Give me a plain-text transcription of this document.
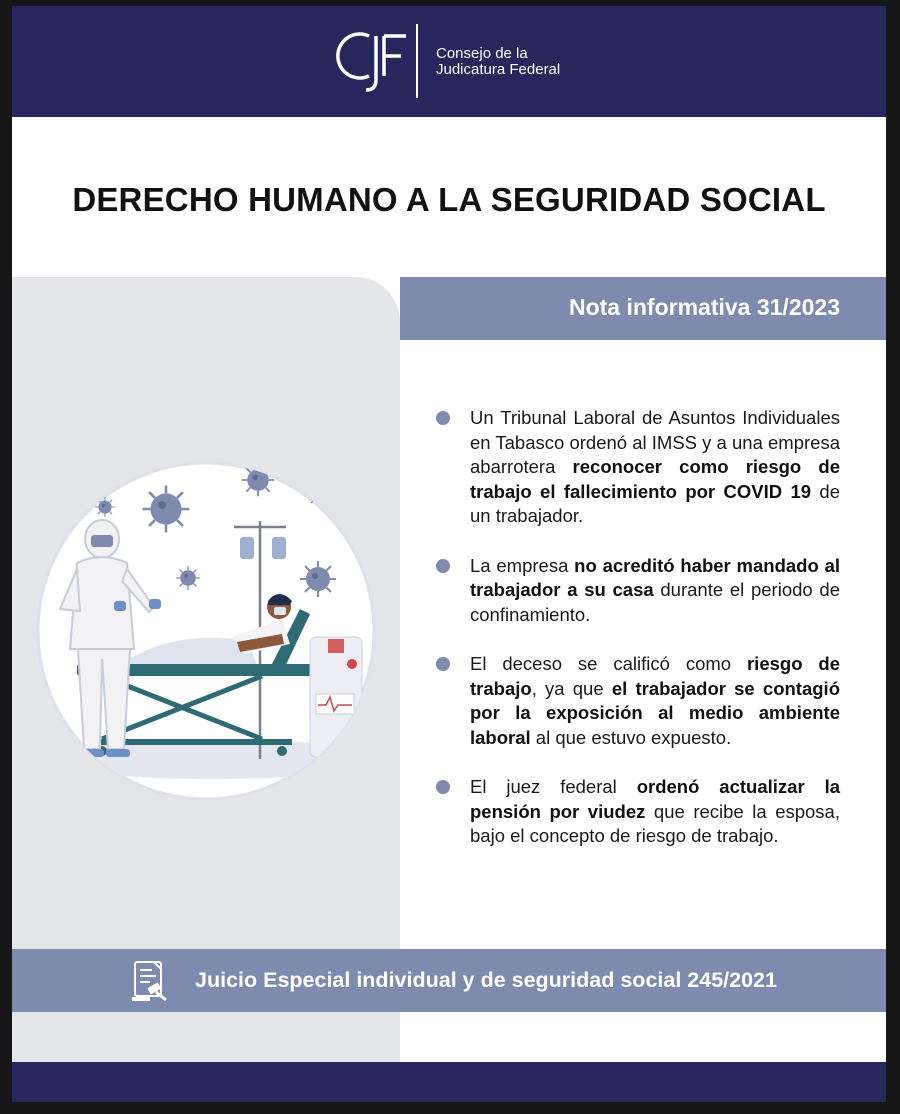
Consejo de la
Judicatura Federal
DERECHO HUMANO A LA SEGURIDAD SOCIAL
Nota informativa 31/2023
Un Tribunal Laboral de Asuntos Individuales en Tabasco ordenó al IMSS y a una empresa abarrotera reconocer como riesgo de trabajo el fallecimiento por COVID 19 de un trabajador.
La empresa no acreditó haber mandado al trabajador a su casa durante el periodo de confinamiento.
El deceso se calificó como riesgo de trabajo, ya que el trabajador se contagió por la exposición al medio ambiente laboral al que estuvo expuesto.
El juez federal ordenó actualizar la pensión por viudez que recibe la esposa, bajo el concepto de riesgo de trabajo.
Juicio Especial individual y de seguridad social 245/2021
